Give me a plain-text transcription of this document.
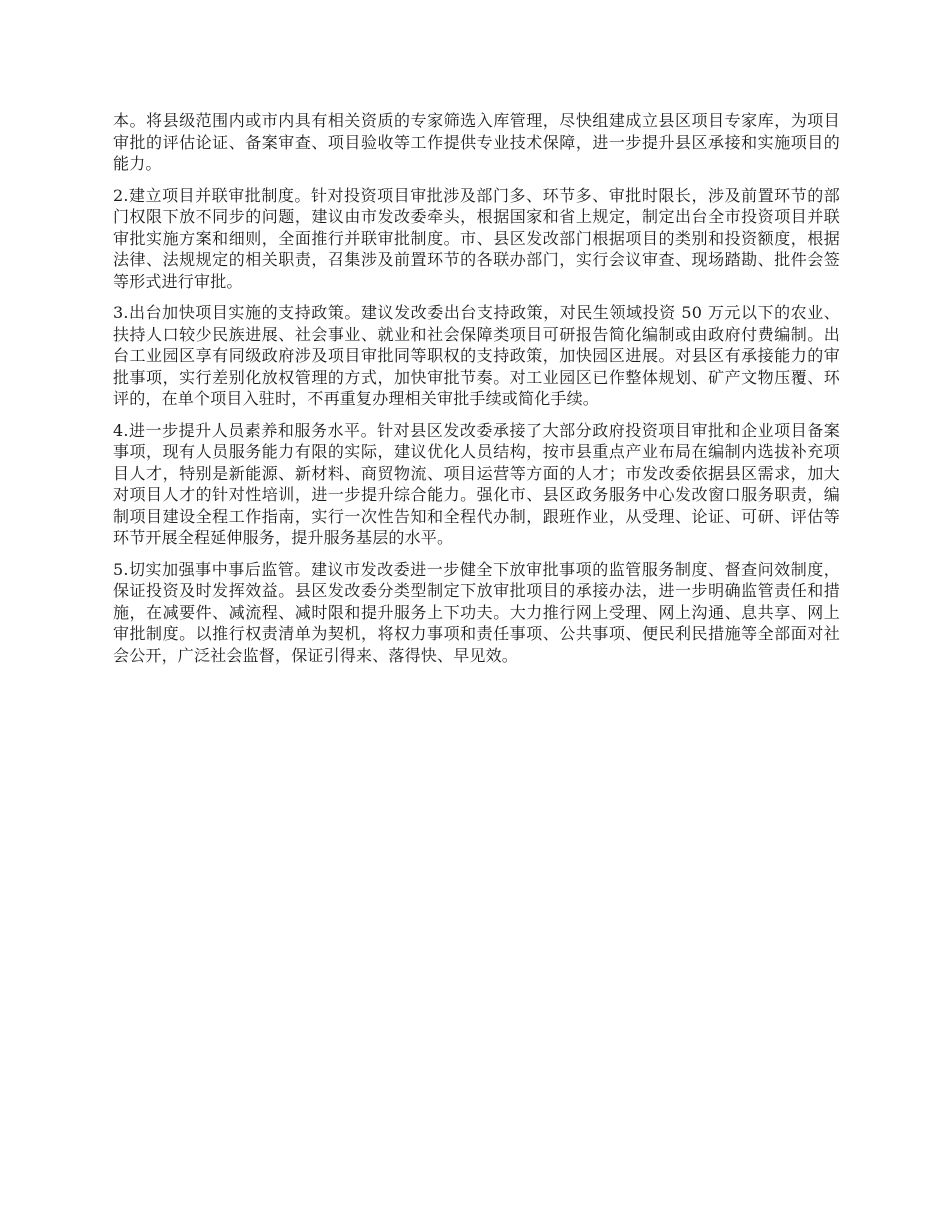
本。将县级范围内或市内具有相关资质的专家筛选入库管理，尽快组建成立县区项目专家库，为项目审批的评估论证、备案审查、项目验收等工作提供专业技术保障，进一步提升县区承接和实施项目的能力。

2.建立项目并联审批制度。针对投资项目审批涉及部门多、环节多、审批时限长，涉及前置环节的部门权限下放不同步的问题，建议由市发改委牵头，根据国家和省上规定，制定出台全市投资项目并联审批实施方案和细则，全面推行并联审批制度。市、县区发改部门根据项目的类别和投资额度，根据法律、法规规定的相关职责，召集涉及前置环节的各联办部门，实行会议审查、现场踏勘、批件会签等形式进行审批。

3.出台加快项目实施的支持政策。建议发改委出台支持政策，对民生领域投资 50 万元以下的农业、扶持人口较少民族进展、社会事业、就业和社会保障类项目可研报告简化编制或由政府付费编制。出台工业园区享有同级政府涉及项目审批同等职权的支持政策，加快园区进展。对县区有承接能力的审批事项，实行差别化放权管理的方式，加快审批节奏。对工业园区已作整体规划、矿产文物压覆、环评的，在单个项目入驻时，不再重复办理相关审批手续或简化手续。

4.进一步提升人员素养和服务水平。针对县区发改委承接了大部分政府投资项目审批和企业项目备案事项，现有人员服务能力有限的实际，建议优化人员结构，按市县重点产业布局在编制内选拔补充项目人才，特别是新能源、新材料、商贸物流、项目运营等方面的人才；市发改委依据县区需求，加大对项目人才的针对性培训，进一步提升综合能力。强化市、县区政务服务中心发改窗口服务职责，编制项目建设全程工作指南，实行一次性告知和全程代办制，跟班作业，从受理、论证、可研、评估等环节开展全程延伸服务，提升服务基层的水平。

5.切实加强事中事后监管。建议市发改委进一步健全下放审批事项的监管服务制度、督查问效制度，保证投资及时发挥效益。县区发改委分类型制定下放审批项目的承接办法，进一步明确监管责任和措施，在减要件、减流程、减时限和提升服务上下功夫。大力推行网上受理、网上沟通、息共享、网上审批制度。以推行权责清单为契机，将权力事项和责任事项、公共事项、便民利民措施等全部面对社会公开，广泛社会监督，保证引得来、落得快、早见效。
